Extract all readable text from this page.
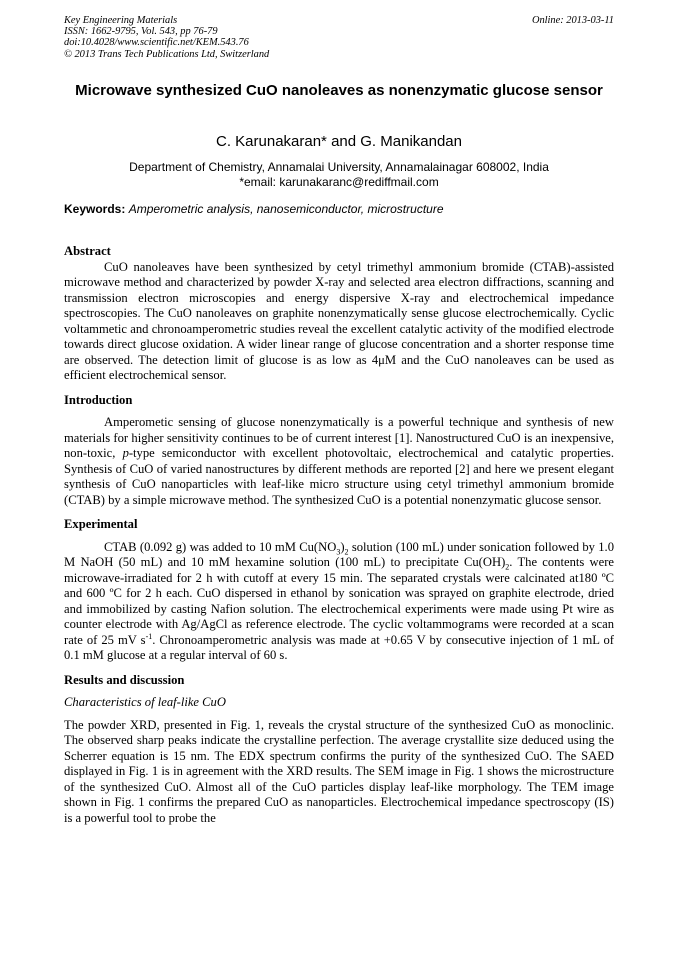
Key Engineering Materials
ISSN: 1662-9795, Vol. 543, pp 76-79
doi:10.4028/www.scientific.net/KEM.543.76
© 2013 Trans Tech Publications Ltd, Switzerland
Online: 2013-03-11
Microwave synthesized CuO nanoleaves as nonenzymatic glucose sensor
C. Karunakaran* and G. Manikandan
Department of Chemistry, Annamalai University, Annamalainagar 608002, India
*email: karunakaranc@rediffmail.com
Keywords: Amperometric analysis, nanosemiconductor, microstructure

Abstract

CuO nanoleaves have been synthesized by cetyl trimethyl ammonium bromide (CTAB)-assisted microwave method and characterized by powder X-ray and selected area electron diffractions, scanning and transmission electron microscopies and energy dispersive X-ray and electrochemical impedance spectroscopies. The CuO nanoleaves on graphite nonenzymatically sense glucose electrochemically. Cyclic voltammetic and chronoamperometric studies reveal the excellent catalytic activity of the modified electrode towards direct glucose oxidation. A wider linear range of glucose concentration and a shorter response time are observed. The detection limit of glucose is as low as 4μM and the CuO nanoleaves can be used as efficient electrochemical sensor.

Introduction

Amperometic sensing of glucose nonenzymatically is a powerful technique and synthesis of new materials for higher sensitivity continues to be of current interest [1]. Nanostructured CuO is an inexpensive, non-toxic, p-type semiconductor with excellent photovoltaic, electrochemical and catalytic properties. Synthesis of CuO of varied nanostructures by different methods are reported [2] and here we present elegant synthesis of CuO nanoparticles with leaf-like micro structure using cetyl trimethyl ammonium bromide (CTAB) by a simple microwave method. The synthesized CuO is a potential nonenzymatic glucose sensor.

Experimental

CTAB (0.092 g) was added to 10 mM $Cu(NO_3)_2$ solution (100 mL) under sonication followed by 1.0 M NaOH (50 mL) and 10 mM hexamine solution (100 mL) to precipitate $Cu(OH)_2$. The contents were microwave-irradiated for 2 h with cutoff at every 15 min. The separated crystals were calcinated at180 ºC and 600 ºC for 2 h each. CuO dispersed in ethanol by sonication was sprayed on graphite electrode, dried and immobilized by casting Nafion solution. The electrochemical experiments were made using Pt wire as counter electrode with Ag/AgCl as reference electrode. The cyclic voltammograms were recorded at a scan rate of 25 mV $s^{-1}$. Chronoamperometric analysis was made at +0.65 V by consecutive injection of 1 mL of 0.1 mM glucose at a regular interval of 60 s.

Results and discussion

Characteristics of leaf-like CuO

The powder XRD, presented in Fig. 1, reveals the crystal structure of the synthesized CuO as monoclinic. The observed sharp peaks indicate the crystalline perfection. The average crystallite size deduced using the Scherrer equation is 15 nm. The EDX spectrum confirms the purity of the synthesized CuO. The SAED displayed in Fig. 1 is in agreement with the XRD results. The SEM image in Fig. 1 shows the microstructure of the synthesized CuO. Almost all of the CuO particles display leaf-like morphology. The TEM image shown in Fig. 1 confirms the prepared CuO as nanoparticles. Electrochemical impedance spectroscopy (IS) is a powerful tool to probe the
